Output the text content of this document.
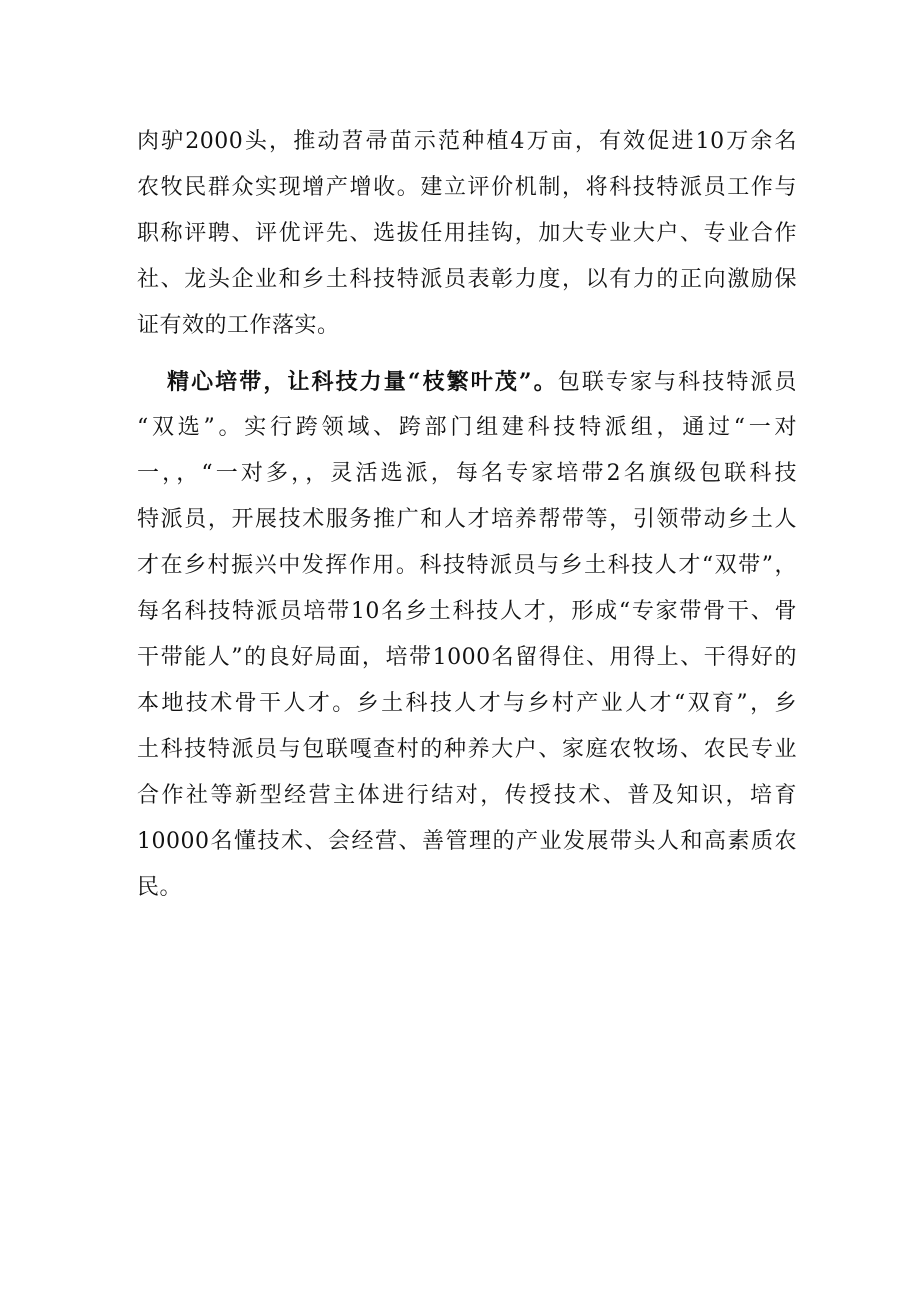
肉驴2000头，推动苕帚苗示范种植4万亩，有效促进10万余名
农牧民群众实现增产增收。建立评价机制，将科技特派员工作与
职称评聘、评优评先、选拔任用挂钩，加大专业大户、专业合作
社、龙头企业和乡土科技特派员表彰力度，以有力的正向激励保
证有效的工作落实。
精心培带，让科技力量“枝繁叶茂”。包联专家与科技特派员
“双选”。实行跨领域、跨部门组建科技特派组，通过“一对
一，，“一对多，，灵活选派，每名专家培带2名旗级包联科技
特派员，开展技术服务推广和人才培养帮带等，引领带动乡土人
才在乡村振兴中发挥作用。科技特派员与乡土科技人才“双带”，
每名科技特派员培带10名乡土科技人才，形成“专家带骨干、骨
干带能人”的良好局面，培带1000名留得住、用得上、干得好的
本地技术骨干人才。乡土科技人才与乡村产业人才“双育”，乡
土科技特派员与包联嘎查村的种养大户、家庭农牧场、农民专业
合作社等新型经营主体进行结对，传授技术、普及知识，培育
10000名懂技术、会经营、善管理的产业发展带头人和高素质农
民。
